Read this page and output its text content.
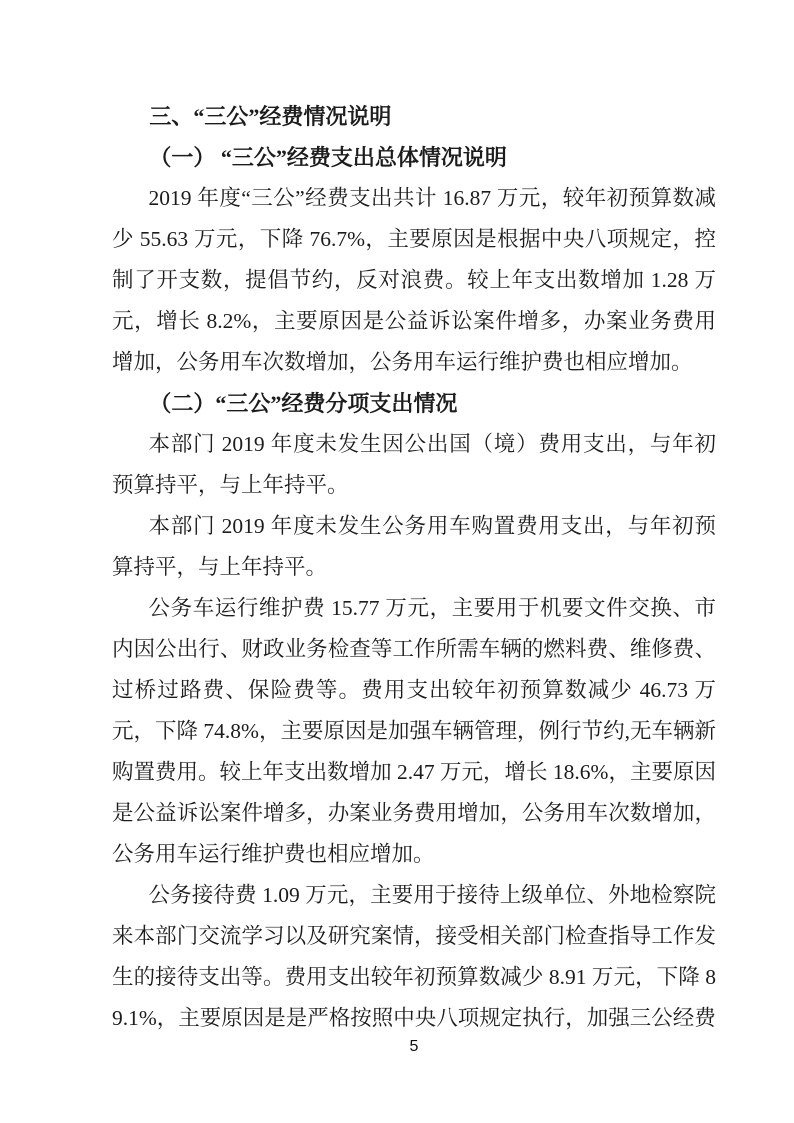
三、“三公”经费情况说明
（一） “三公”经费支出总体情况说明

2019 年度“三公”经费支出共计 16.87 万元，较年初预算数减少 55.63 万元，下降 76.7%，主要原因是根据中央八项规定，控制了开支数，提倡节约，反对浪费。较上年支出数增加 1.28 万元，增长 8.2%，主要原因是公益诉讼案件增多，办案业务费用增加，公务用车次数增加，公务用车运行维护费也相应增加。

（二）“三公”经费分项支出情况

本部门 2019 年度未发生因公出国（境）费用支出，与年初预算持平，与上年持平。

本部门 2019 年度未发生公务用车购置费用支出，与年初预算持平，与上年持平。

公务车运行维护费 15.77 万元，主要用于机要文件交换、市内因公出行、财政业务检查等工作所需车辆的燃料费、维修费、过桥过路费、保险费等。费用支出较年初预算数减少 46.73 万元，下降 74.8%，主要原因是加强车辆管理，例行节约,无车辆新购置费用。较上年支出数增加 2.47 万元，增长 18.6%，主要原因是公益诉讼案件增多，办案业务费用增加，公务用车次数增加，公务用车运行维护费也相应增加。

公务接待费 1.09 万元，主要用于接待上级单位、外地检察院来本部门交流学习以及研究案情，接受相关部门检查指导工作发生的接待支出等。费用支出较年初预算数减少 8.91 万元，下降 89.1%，主要原因是是严格按照中央八项规定执行，加强三公经费

5
